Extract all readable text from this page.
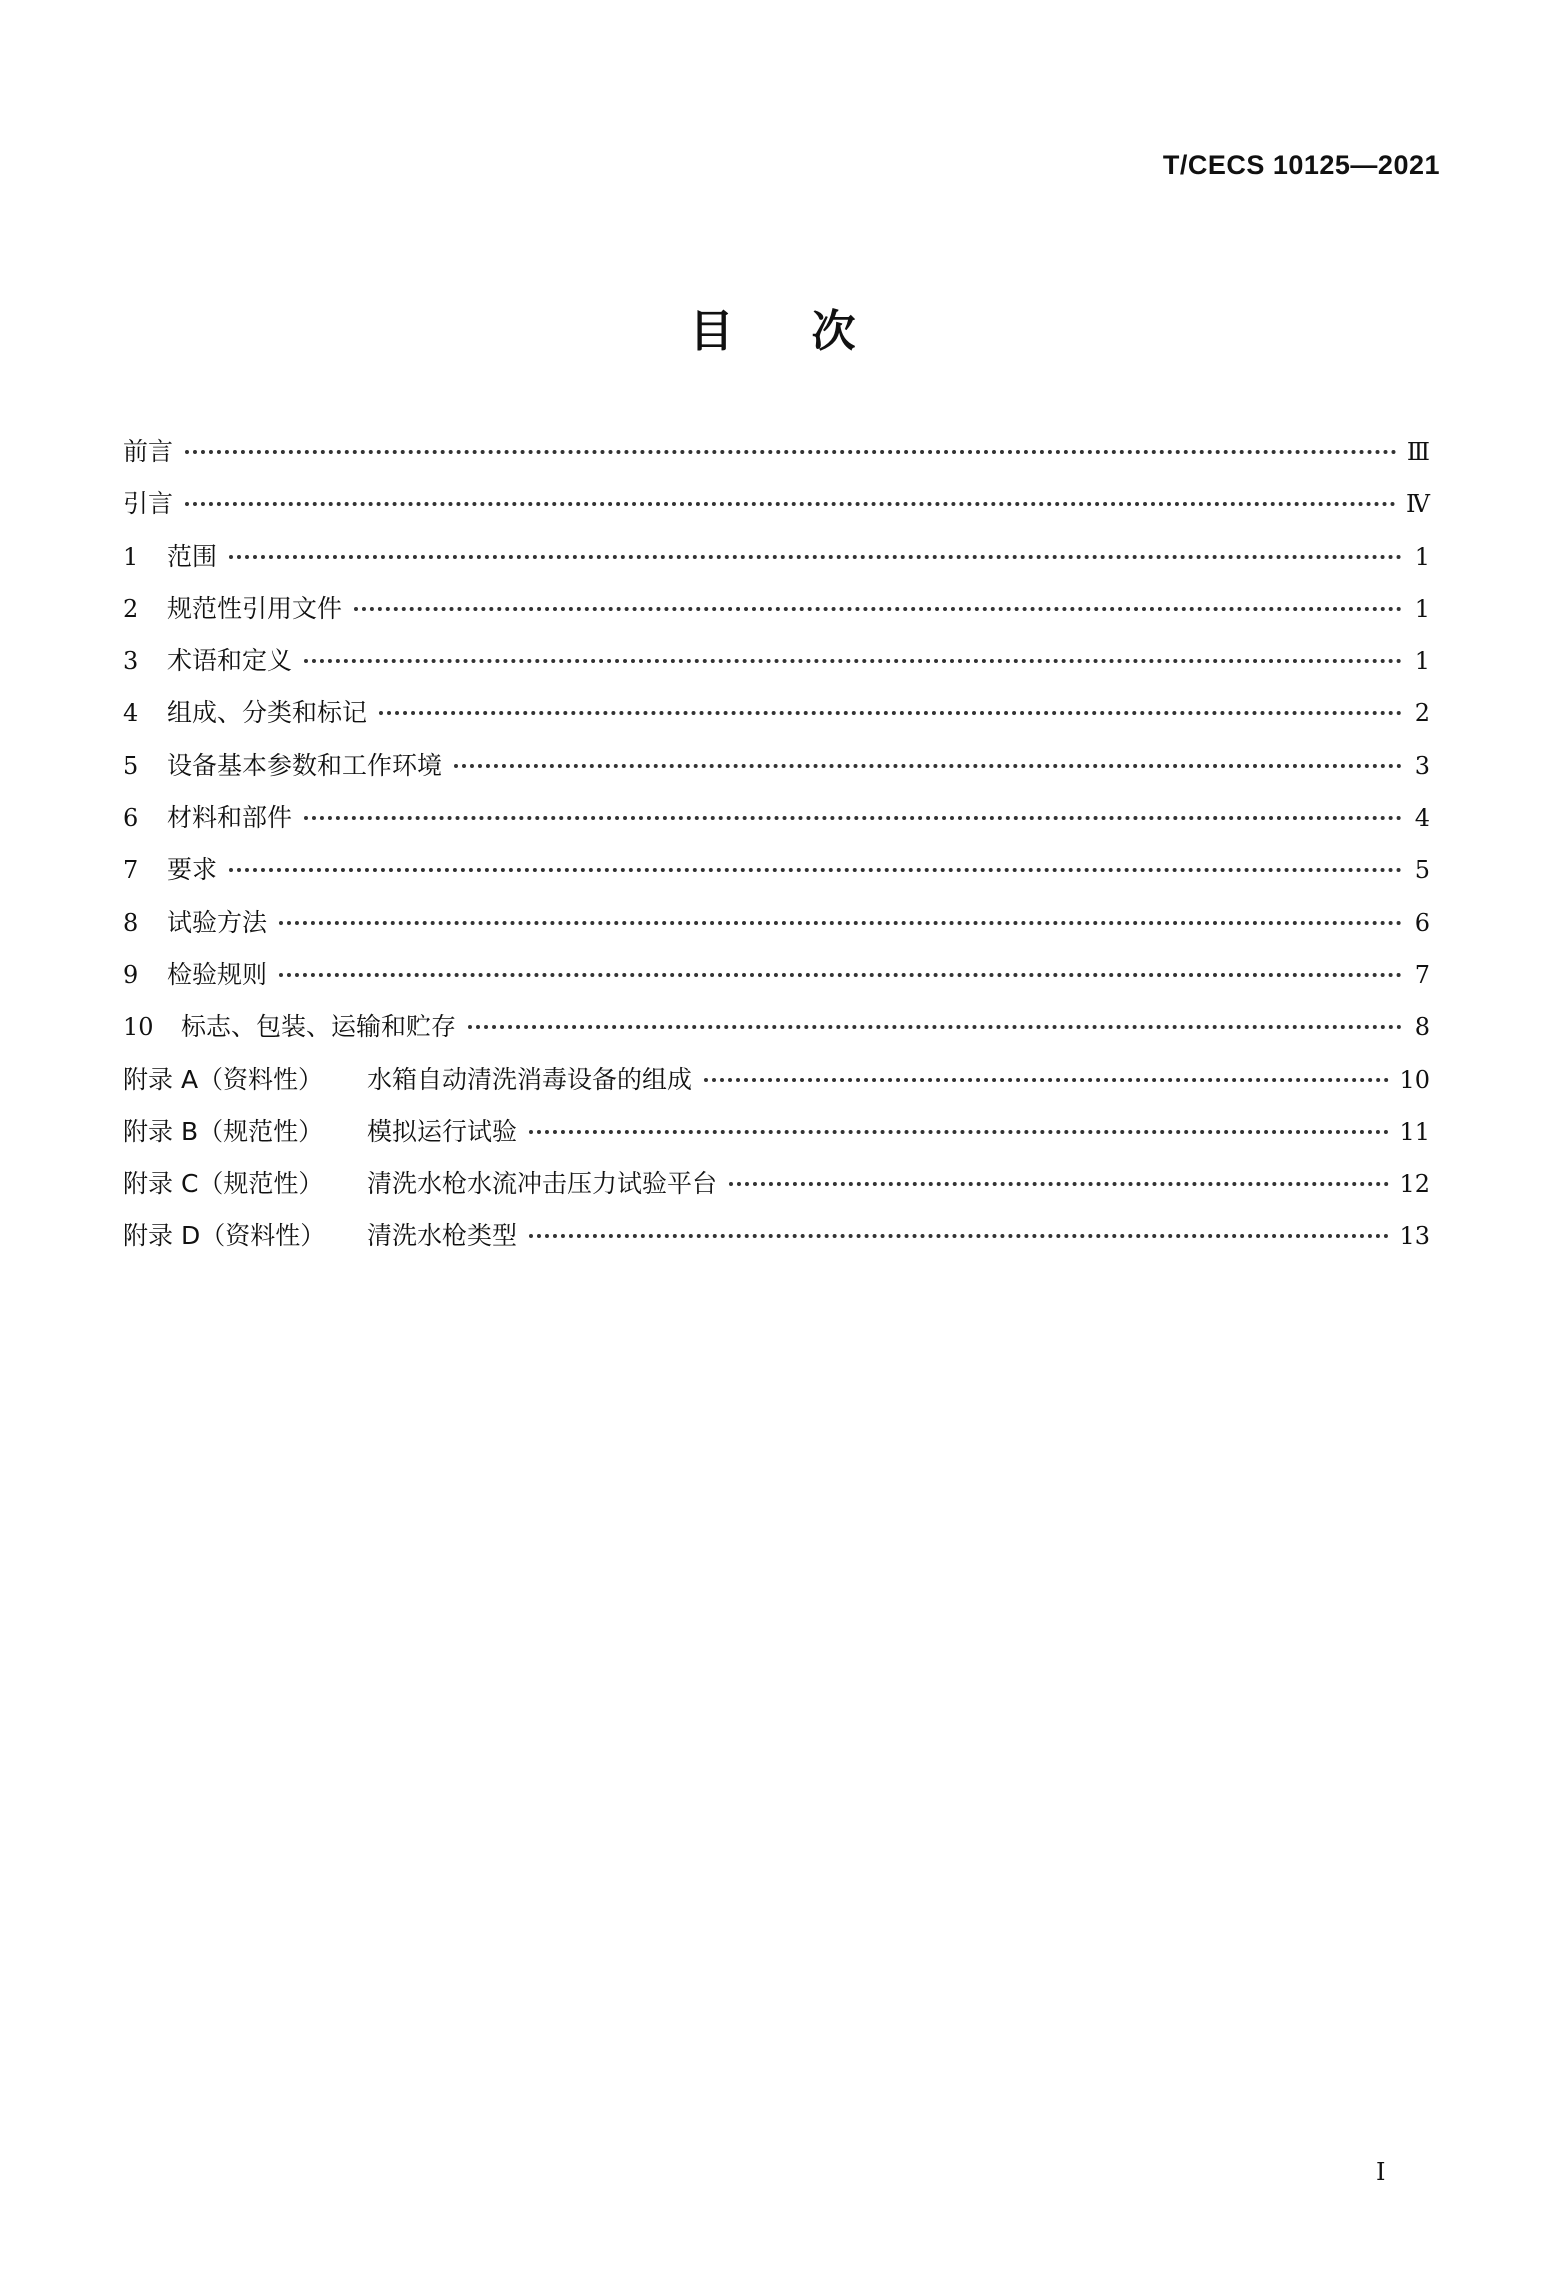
T/CECS 10125—2021
目次
前言	Ⅲ
引言	Ⅳ
1	范围	1
2	规范性引用文件	1
3	术语和定义	1
4	组成、分类和标记	2
5	设备基本参数和工作环境	3
6	材料和部件	4
7	要求	5
8	试验方法	6
9	检验规则	7
10	标志、包装、运输和贮存	8
附录 A（资料性）	水箱自动清洗消毒设备的组成	10
附录 B（规范性）	模拟运行试验	11
附录 C（规范性）	清洗水枪水流冲击压力试验平台	12
附录 D（资料性）	清洗水枪类型	13
I
